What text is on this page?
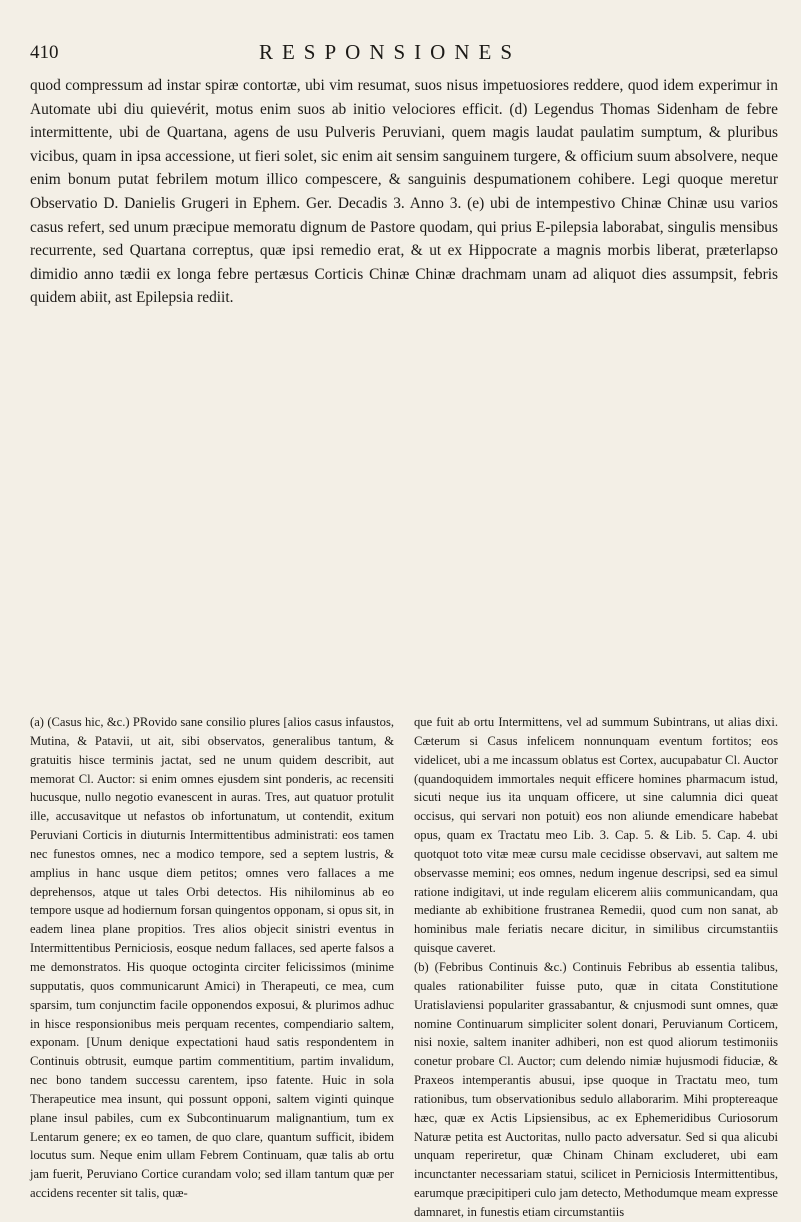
410	RESPONSIONES

quod compressum ad instar spiræ contortæ, ubi vim resumat, suos nisus impetuosiores reddere, quod idem experimur in Automate ubi diu quievérit, motus enim suos ab initio velociores efficit. (d) Legendus Thomas Sidenham de febre intermittente, ubi de Quartana, agens de usu Pulveris Peruviani, quem magis laudat paulatim sumptum, & pluribus vicibus, quam in ipsa accessione, ut fieri solet, sic enim ait sensim sanguinem turgere, & officium suum absolvere, neque enim bonum putat febrilem motum illico compescere, & sanguinis despumationem cohibere. Legi quoque meretur Observatio D. Danielis Grugeri in Ephem. Ger. Decadis 3. Anno 3. (e) ubi de intempestivo Chinæ Chinæ usu varios casus refert, sed unum præcipue memoratu dignum de Pastore quodam, qui prius E-pilepsia laborabat, singulis mensibus recurrente, sed Quartana correptus, quæ ipsi remedio erat, & ut ex Hippocrate a magnis morbis liberat, præterlapso dimidio anno tædii ex longa febre pertæsus Corticis Chinæ Chinæ drachmam unam ad aliquot dies assumpsit, febris quidem abiit, ast Epilepsia rediit.

(a) (Casus hic, &c.) PRovido sane consilio plures [alios casus infaustos, Mutina, & Patavii, ut ait, sibi observatos, generalibus tantum, & gratuitis hisce terminis jactat, sed ne unum quidem describit, aut memorat Cl. Auctor: si enim omnes ejusdem sint ponderis, ac recensiti hucusque, nullo negotio evanescent in auras. Tres, aut quatuor protulit ille, accusavitque ut nefastos ob infortunatum, ut contendit, exitum Peruviani Corticis in diuturnis Intermittentibus administrati: eos tamen nec funestos omnes, nec a modico tempore, sed a septem lustris, & amplius in hanc usque diem petitos; omnes vero fallaces a me deprehensos, atque ut tales Orbi detectos. His nihilominus ab eo tempore usque ad hodiernum forsan quingentos opponam, si opus sit, in eadem linea plane propitios. Tres alios objecit sinistri eventus in Intermittentibus Perniciosis, eosque nedum fallaces, sed aperte falsos a me demonstratos. His quoque octoginta circiter felicissimos (minime supputatis, quos communicarunt Amici) in Therapeuti, ce mea, cum sparsim, tum conjunctim facile opponendos exposui, & plurimos adhuc in hisce responsionibus meis perquam recentes, compendiario saltem, exponam. [Unum denique expectationi haud satis respondentem in Continuis obtrusit, eumque partim commentitium, partim invalidum, nec bono tandem successu carentem, ipso fatente. Huic in sola Therapeutice mea insunt, qui possunt opponi, saltem viginti quinque plane insul pabiles, cum ex Subcontinuarum malignantium, tum ex Lentarum genere; ex eo tamen, de quo clare, quantum sufficit, ibidem locutus sum. Neque enim ullam Febrem Continuam, quæ talis ab ortu jam fuerit, Peruviano Cortice curandam volo; sed illam tantum quæ per accidens recenter sit talis, quæ-

que fuit ab ortu Intermittens, vel ad summum Subintrans, ut alias dixi. Cæterum si Casus infelicem nonnunquam eventum fortitos; eos videlicet, ubi a me incassum oblatus est Cortex, aucupabatur Cl. Auctor (quandoquidem immortales nequit efficere homines pharmacum istud, sicuti neque ius ita unquam officere, ut sine calumnia dici queat occisus, qui servari non potuit) eos non aliunde emendicare habebat opus, quam ex Tractatu meo Lib. 3. Cap. 5. & Lib. 5. Cap. 4. ubi quotquot toto vitæ meæ cursu male cecidisse observavi, aut saltem me observasse memini; eos omnes, nedum ingenue descripsi, sed ea simul ratione indigitavi, ut inde regulam elicerem aliis communicandam, qua mediante ab exhibitione frustranea Remedii, quod cum non sanat, ab hominibus male feriatis necare dicitur, in similibus circumstantiis quisque caveret.

(b) (Febribus Continuis &c.) Continuis Febribus ab essentia talibus, quales rationabiliter fuisse puto, quæ in citata Constitutione Uratislaviensi populariter grassabantur, & cnjusmodi sunt omnes, quæ nomine Continuarum simpliciter solent donari, Peruvianum Corticem, nisi noxie, saltem inaniter adhiberi, non est quod aliorum testimoniis conetur probare Cl. Auctor; cum delendo nimiæ hujusmodi fiduciæ, & Praxeos intemperantis abusui, ipse quoque in Tractatu meo, tum rationibus, tum observationibus sedulo allaborarim. Mihi proptereaque hæc, quæ ex Actis Lipsiensibus, ac ex Ephemeridibus Curiosorum Naturæ petita est Auctoritas, nullo pacto adversatur. Sed si qua alicubi unquam reperiretur, quæ Chinam Chinam excluderet, ubi eam incunctanter necessariam statui, scilicet in Perniciosis Intermittentibus, earumque præcipitiperi culo jam detecto, Methodumque meam expresse damnaret, in funestis etiam circumstantiis
